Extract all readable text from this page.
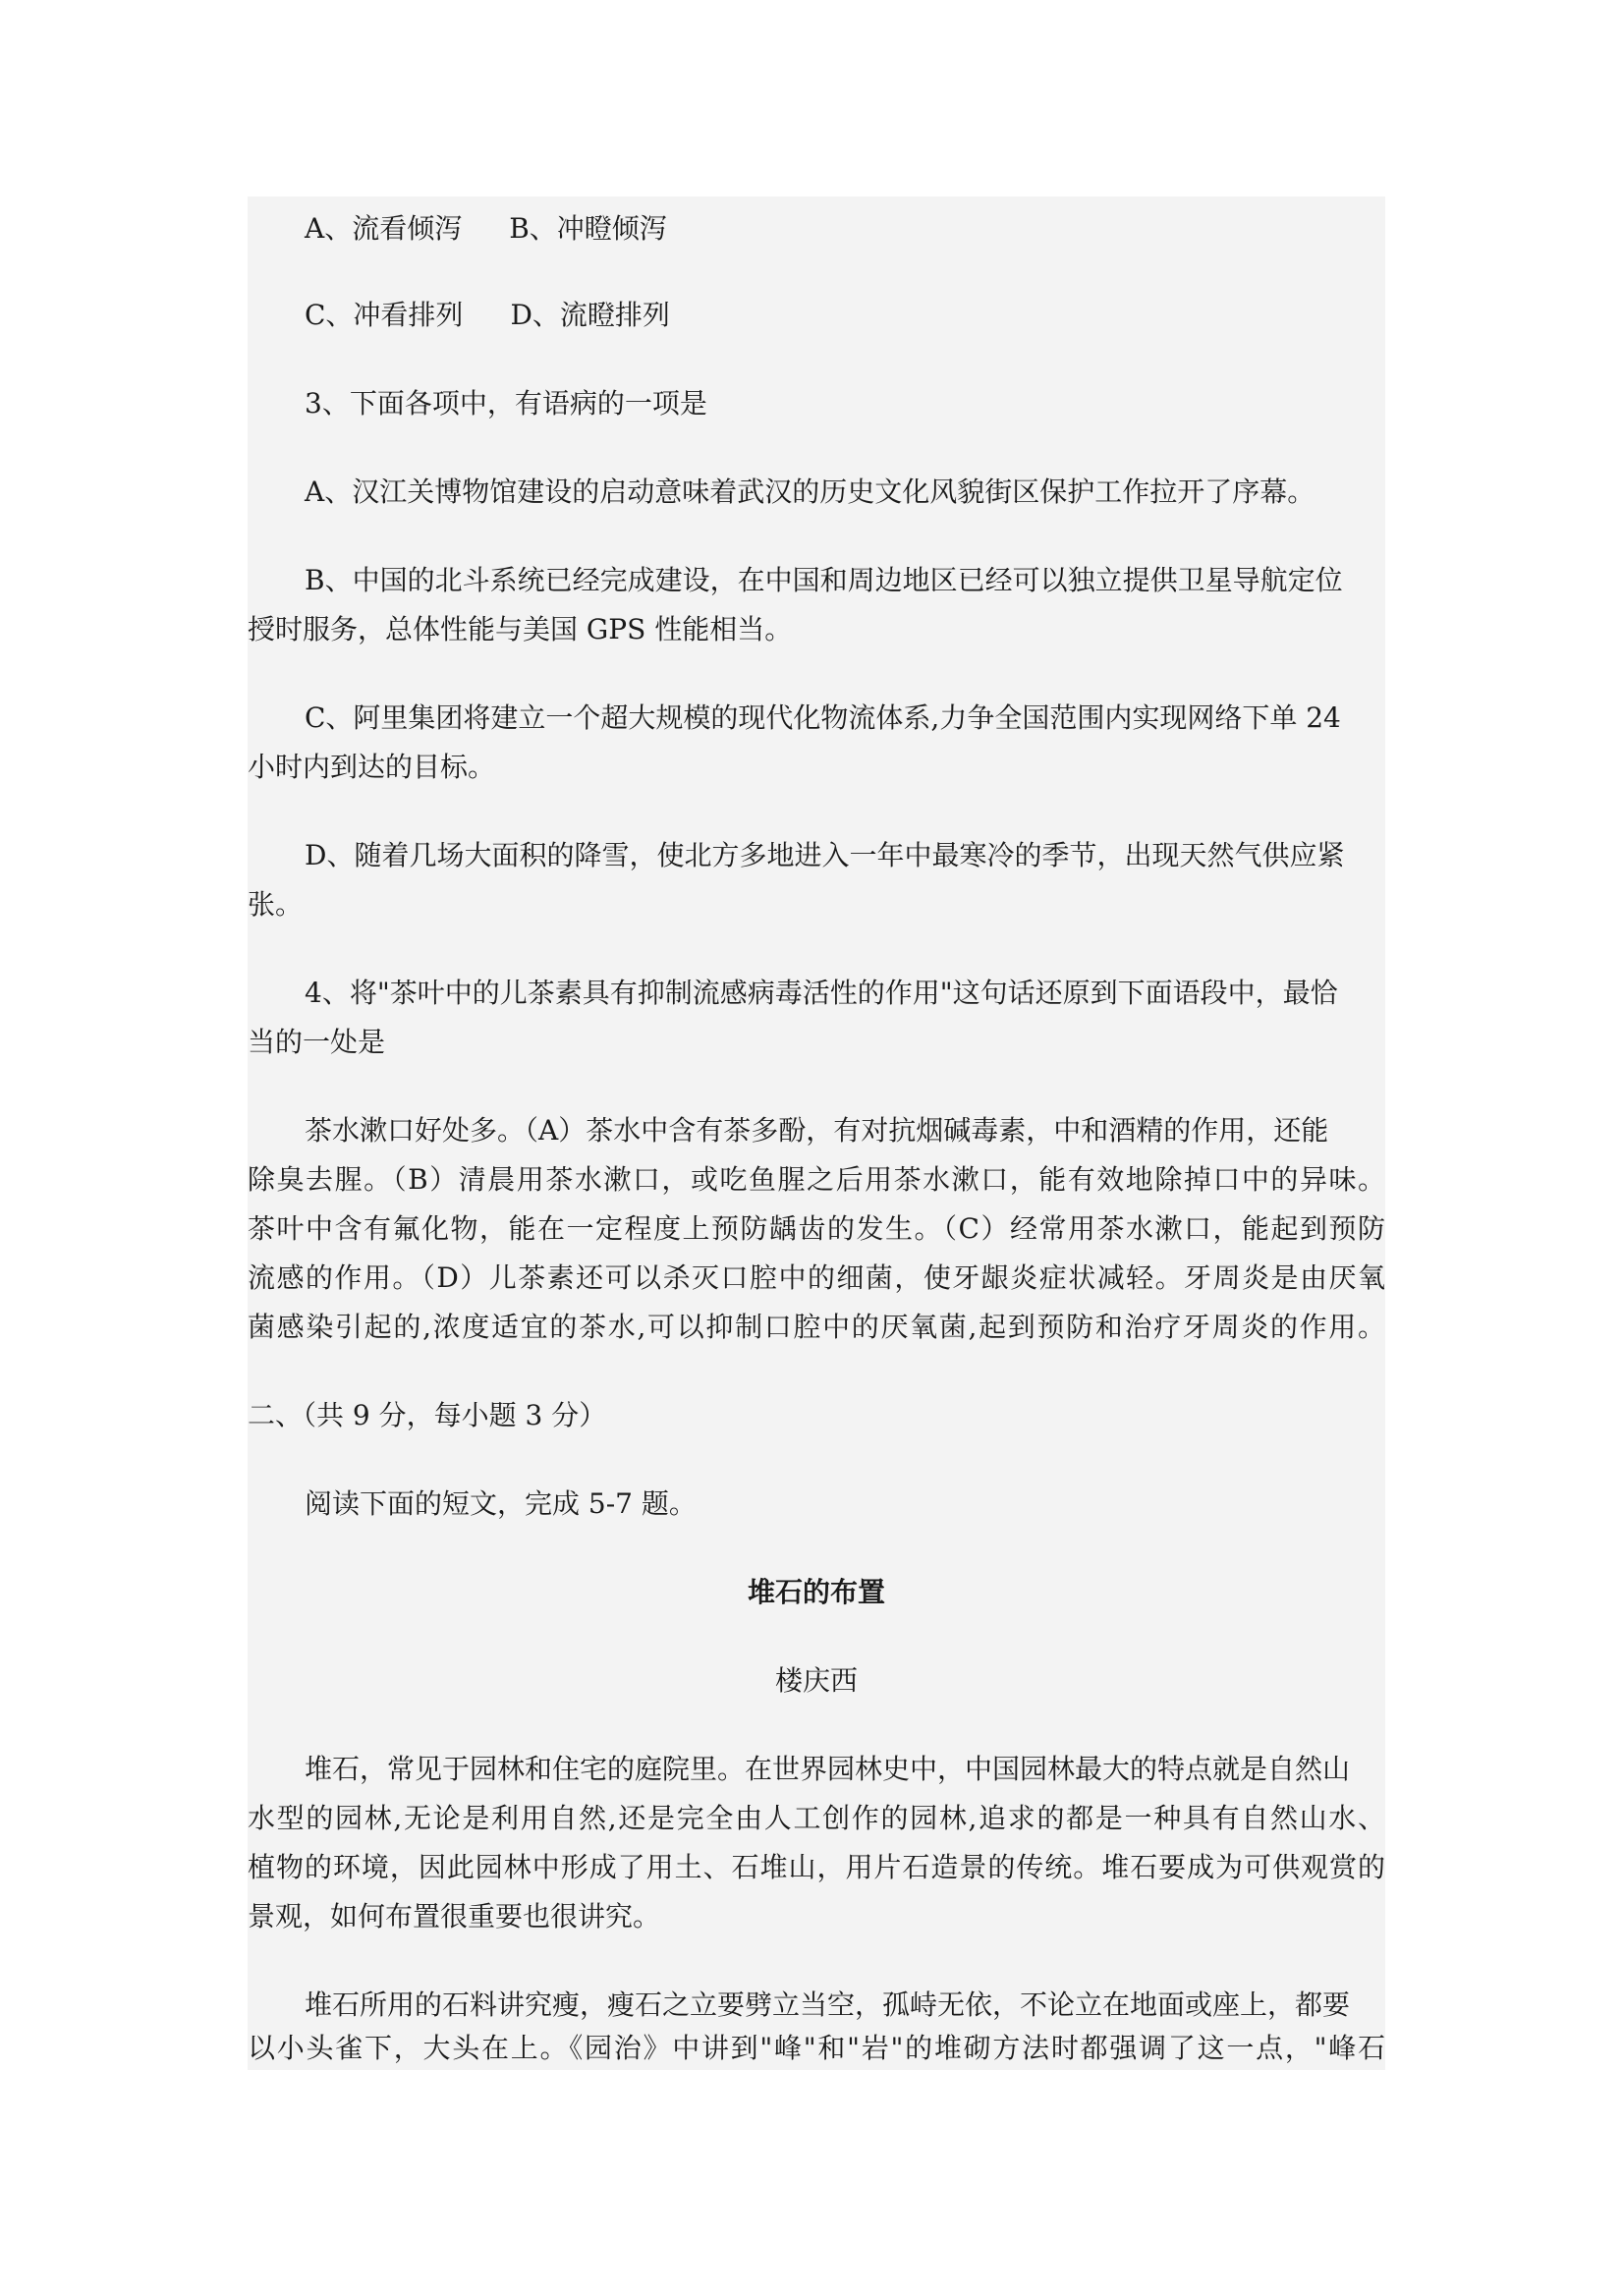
A、流看倾泻 B、冲瞪倾泻
C、冲看排列 D、流瞪排列
3、下面各项中，有语病的一项是
A、汉江关博物馆建设的启动意味着武汉的历史文化风貌街区保护工作拉开了序幕。
B、中国的北斗系统已经完成建设，在中国和周边地区已经可以独立提供卫星导航定位
授时服务，总体性能与美国 GPS 性能相当。
C、阿里集团将建立一个超大规模的现代化物流体系,力争全国范围内实现网络下单 24
小时内到达的目标。
D、随着几场大面积的降雪，使北方多地进入一年中最寒冷的季节，出现天然气供应紧
张。
4、将"茶叶中的儿茶素具有抑制流感病毒活性的作用"这句话还原到下面语段中，最恰
当的一处是
茶水漱口好处多。（A）茶水中含有茶多酚，有对抗烟碱毒素，中和酒精的作用，还能
除臭去腥。（B）清晨用茶水漱口，或吃鱼腥之后用茶水漱口，能有效地除掉口中的异味。
茶叶中含有氟化物，能在一定程度上预防龋齿的发生。（C）经常用茶水漱口，能起到预防
流感的作用。（D）儿茶素还可以杀灭口腔中的细菌，使牙龈炎症状减轻。牙周炎是由厌氧
菌感染引起的,浓度适宜的茶水,可以抑制口腔中的厌氧菌,起到预防和治疗牙周炎的作用。
二、（共 9 分，每小题 3 分）
阅读下面的短文，完成 5-7 题。
堆石的布置
楼庆西
堆石，常见于园林和住宅的庭院里。在世界园林史中，中国园林最大的特点就是自然山
水型的园林,无论是利用自然,还是完全由人工创作的园林,追求的都是一种具有自然山水、
植物的环境，因此园林中形成了用土、石堆山，用片石造景的传统。堆石要成为可供观赏的
景观，如何布置很重要也很讲究。
堆石所用的石料讲究瘦，瘦石之立要劈立当空，孤峙无依，不论立在地面或座上，都要
以小头雀下，大头在上。《园治》中讲到"峰"和"岩"的堆砌方法时都强调了这一点，"峰石
